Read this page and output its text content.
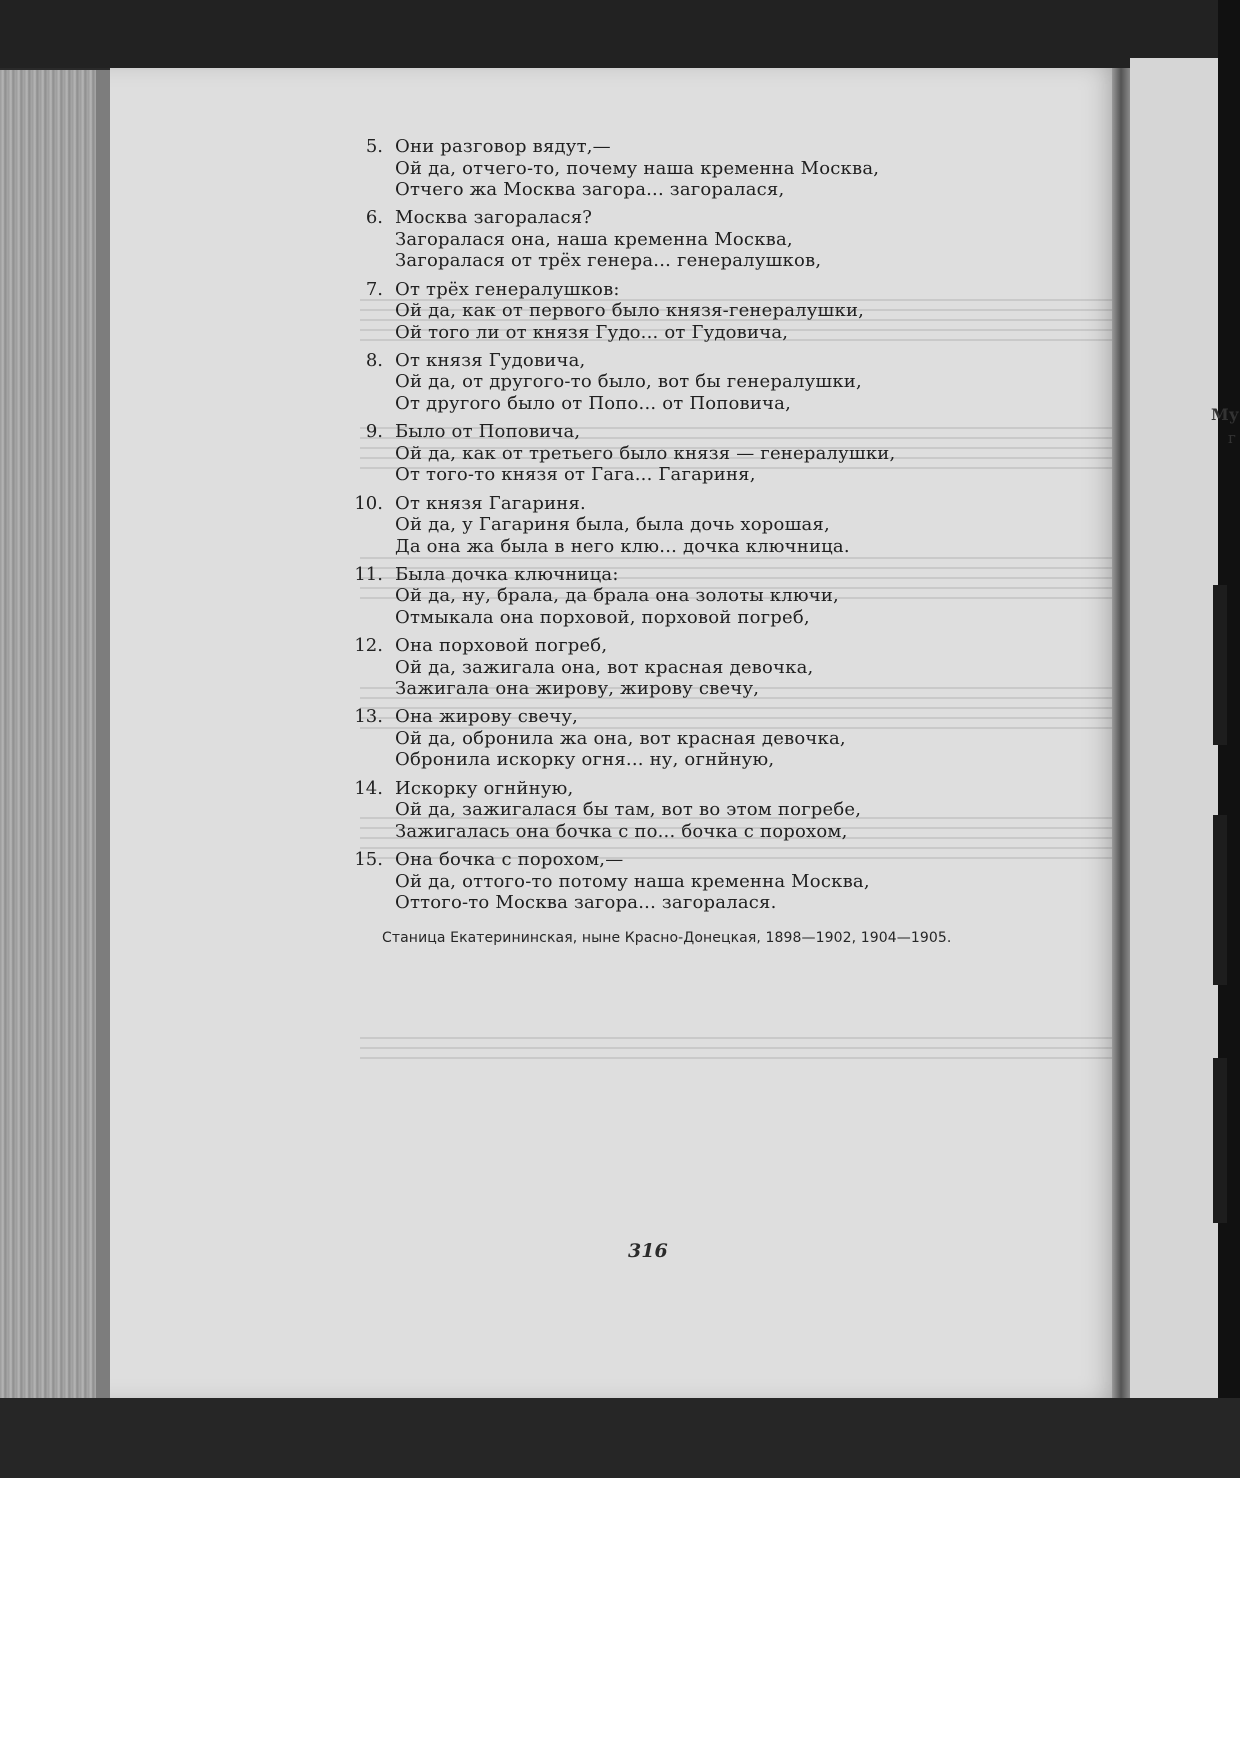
5. Они разговор вядут,—
Ой да, отчего-то, почему наша кременна Москва,
Отчего жа Москва загора... загоралася,
6. Москва загоралася?
Загоралася она, наша кременна Москва,
Загоралася от трёх генера... генералушков,
7. От трёх генералушков:
Ой да, как от первого было князя-генералушки,
Ой того ли от князя Гудо... от Гудовича,
8. От князя Гудовича,
Ой да, от другого-то было, вот бы генералушки,
От другого было от Попо... от Поповича,
9. Было от Поповича,
Ой да, как от третьего было князя — генералушки,
От того-то князя от Гага... Гагариня,
10. От князя Гагариня.
Ой да, у Гагариня была, была дочь хорошая,
Да она жа была в него клю... дочка ключница.
11. Была дочка ключница:
Ой да, ну, брала, да брала она золоты ключи,
Отмыкала она порховой, порховой погреб,
12. Она порховой погреб,
Ой да, зажигала она, вот красная девочка,
Зажигала она жирову, жирову свечу,
13. Она жирову свечу,
Ой да, обронила жа она, вот красная девочка,
Обронила искорку огня... ну, огнйную,
14. Искорку огнйную,
Ой да, зажигалася бы там, вот во этом погребе,
Зажигалась она бочка с по... бочка с порохом,
15. Она бочка с порохом,—
Ой да, оттого-то потому наша кременна Москва,
Оттого-то Москва загора... загоралася.
Станица Екатерининская, ныне Красно-Донецкая, 1898—1902, 1904—1905.
316
Му
г
